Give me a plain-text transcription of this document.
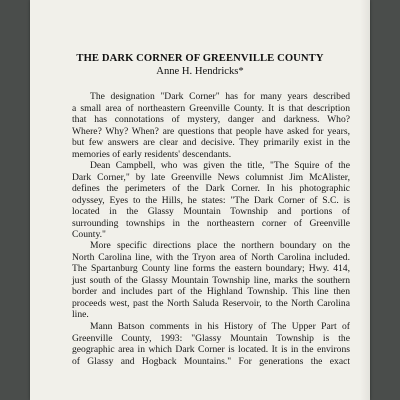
THE DARK CORNER OF GREENVILLE COUNTY
Anne H. Hendricks*
The designation "Dark Corner" has for many years described
a small area of northeastern Greenville County. It is that description
that has connotations of mystery, danger and darkness. Who?
Where? Why? When? are questions that people have asked for years,
but few answers are clear and decisive. They primarily exist in the
memories of early residents' descendants.
Dean Campbell, who was given the title, "The Squire of the
Dark Corner," by late Greenville News columnist Jim McAlister,
defines the perimeters of the Dark Corner. In his photographic
odyssey, Eyes to the Hills, he states: "The Dark Corner of S.C. is
located in the Glassy Mountain Township and portions of
surrounding townships in the northeastern corner of Greenville
County."
More specific directions place the northern boundary on the
North Carolina line, with the Tryon area of North Carolina included.
The Spartanburg County line forms the eastern boundary; Hwy. 414,
just south of the Glassy Mountain Township line, marks the southern
border and includes part of the Highland Township. This line then
proceeds west, past the North Saluda Reservoir, to the North Carolina
line.
Mann Batson comments in his History of The Upper Part of
Greenville County, 1993: "Glassy Mountain Township is the
geographic area in which Dark Corner is located. It is in the environs
of Glassy and Hogback Mountains." For generations the exact
